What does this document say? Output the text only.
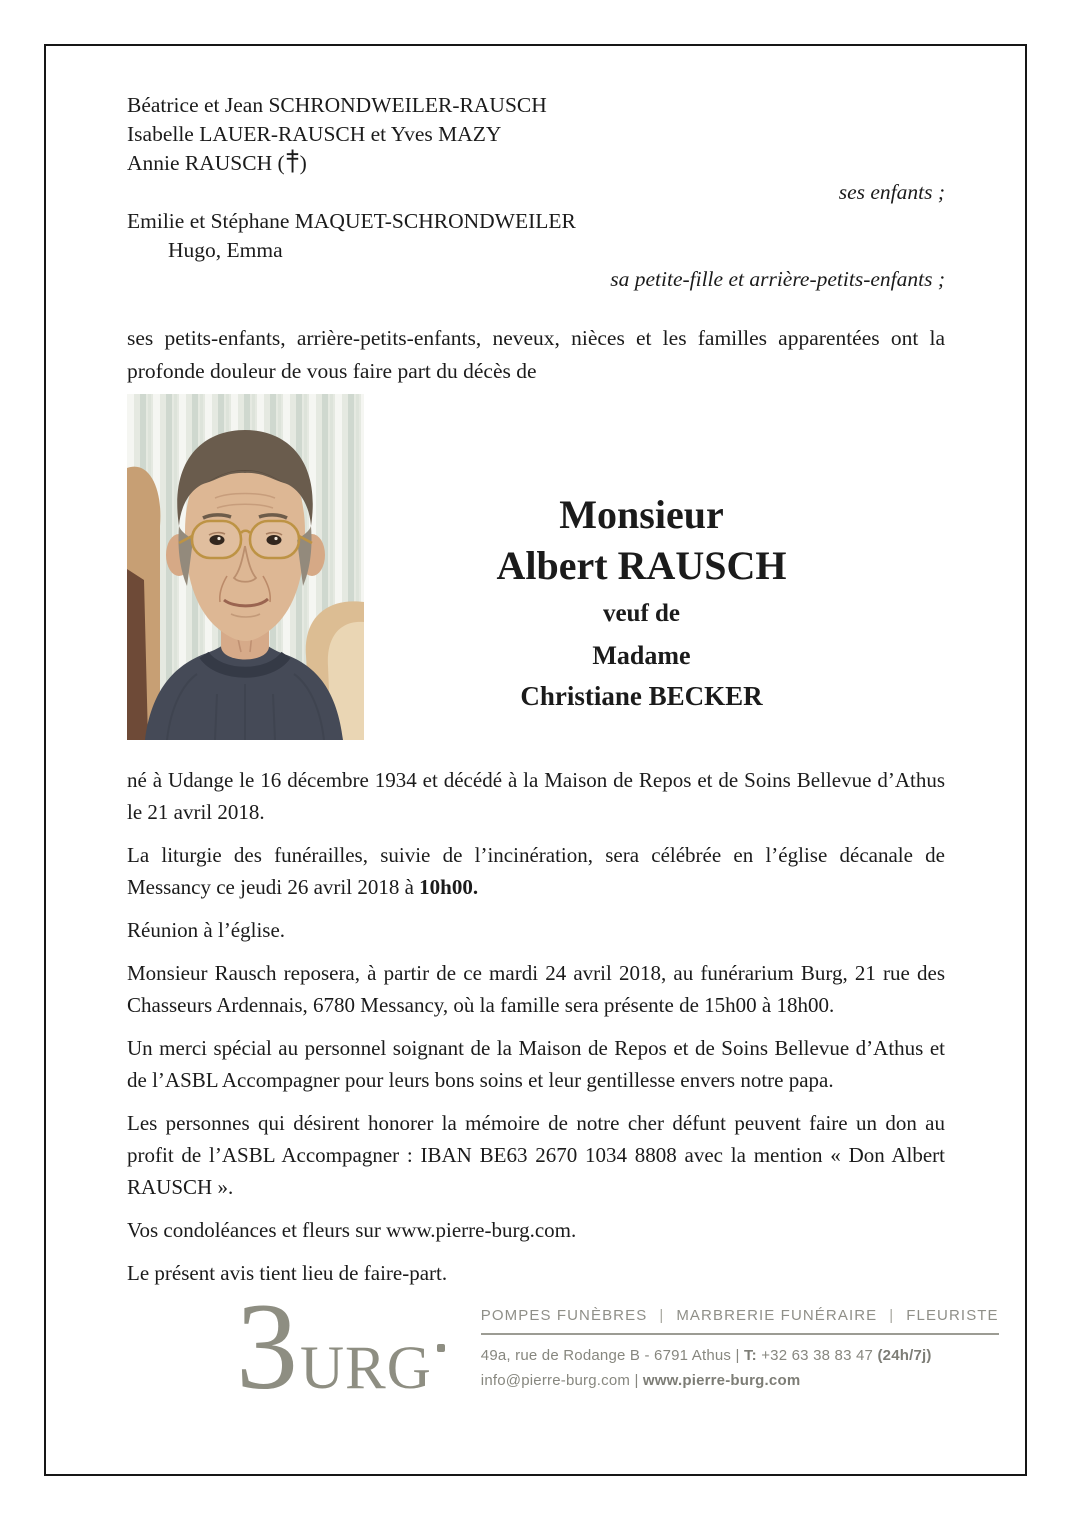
Béatrice et Jean SCHRONDWEILER-RAUSCH
Isabelle LAUER-RAUSCH et Yves MAZY
Annie RAUSCH ( )
ses enfants ;
Emilie et Stéphane MAQUET-SCHRONDWEILER
Hugo, Emma
sa petite-fille et arrière-petits-enfants ;

ses petits-enfants, arrière-petits-enfants, neveux, nièces et les familles apparentées ont la profonde douleur de vous faire part du décès de

Monsieur
Albert RAUSCH
veuf de
Madame
Christiane BECKER

né à Udange le 16 décembre 1934 et décédé à la Maison de Repos et de Soins Bellevue d’Athus le 21 avril 2018.

La liturgie des funérailles, suivie de l’incinération, sera célébrée en l’église décanale de Messancy ce jeudi 26 avril 2018 à 10h00.

Réunion à l’église.

Monsieur Rausch reposera, à partir de ce mardi 24 avril 2018, au funérarium Burg, 21 rue des Chasseurs Ardennais, 6780 Messancy, où la famille sera présente de 15h00 à 18h00.

Un merci spécial au personnel soignant de la Maison de Repos et de Soins Bellevue d’Athus et de l’ASBL Accompagner pour leurs bons soins et leur gentillesse envers notre papa.

Les personnes qui désirent honorer la mémoire de notre cher défunt peuvent faire un don au profit de l’ASBL Accompagner : IBAN BE63 2670 1034 8808 avec la mention « Don Albert RAUSCH ».

Vos condoléances et fleurs sur www.pierre-burg.com.

Le présent avis tient lieu de faire-part.

3 URG
POMPES FUNÈBRES | MARBRERIE FUNÉRAIRE | FLEURISTE
49a, rue de Rodange B - 6791 Athus | T: +32 63 38 83 47 (24h/7j)
info@pierre-burg.com | www.pierre-burg.com
